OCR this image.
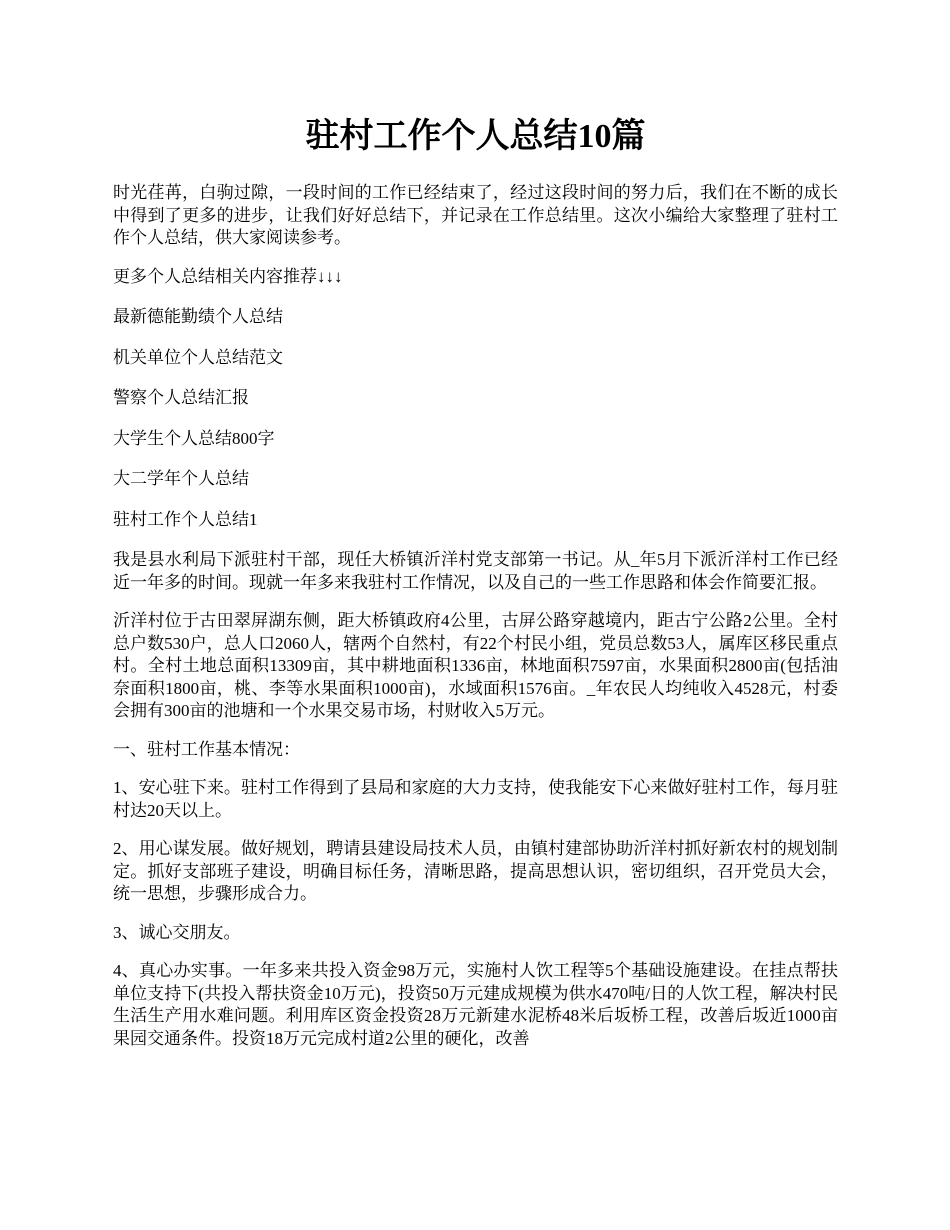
驻村工作个人总结10篇

时光荏苒，白驹过隙，一段时间的工作已经结束了，经过这段时间的努力后，我们在不断的成长中得到了更多的进步，让我们好好总结下，并记录在工作总结里。这次小编给大家整理了驻村工作个人总结，供大家阅读参考。

更多个人总结相关内容推荐↓↓↓

最新德能勤绩个人总结

机关单位个人总结范文

警察个人总结汇报

大学生个人总结800字

大二学年个人总结

驻村工作个人总结1

我是县水利局下派驻村干部，现任大桥镇沂洋村党支部第一书记。从_年5月下派沂洋村工作已经近一年多的时间。现就一年多来我驻村工作情况，以及自己的一些工作思路和体会作简要汇报。

沂洋村位于古田翠屏湖东侧，距大桥镇政府4公里，古屏公路穿越境内，距古宁公路2公里。全村总户数530户，总人口2060人，辖两个自然村，有22个村民小组，党员总数53人，属库区移民重点村。全村土地总面积13309亩，其中耕地面积1336亩，林地面积7597亩，水果面积2800亩(包括油奈面积1800亩，桃、李等水果面积1000亩)，水域面积1576亩。_年农民人均纯收入4528元，村委会拥有300亩的池塘和一个水果交易市场，村财收入5万元。

一、驻村工作基本情况：

1、安心驻下来。驻村工作得到了县局和家庭的大力支持，使我能安下心来做好驻村工作，每月驻村达20天以上。

2、用心谋发展。做好规划，聘请县建设局技术人员，由镇村建部协助沂洋村抓好新农村的规划制定。抓好支部班子建设，明确目标任务，清晰思路，提高思想认识，密切组织，召开党员大会，统一思想，步骤形成合力。

3、诚心交朋友。

4、真心办实事。一年多来共投入资金98万元，实施村人饮工程等5个基础设施建设。在挂点帮扶单位支持下(共投入帮扶资金10万元)，投资50万元建成规模为供水470吨/日的人饮工程，解决村民生活生产用水难问题。利用库区资金投资28万元新建水泥桥48米后坂桥工程，改善后坂近1000亩果园交通条件。投资18万元完成村道2公里的硬化，改善
